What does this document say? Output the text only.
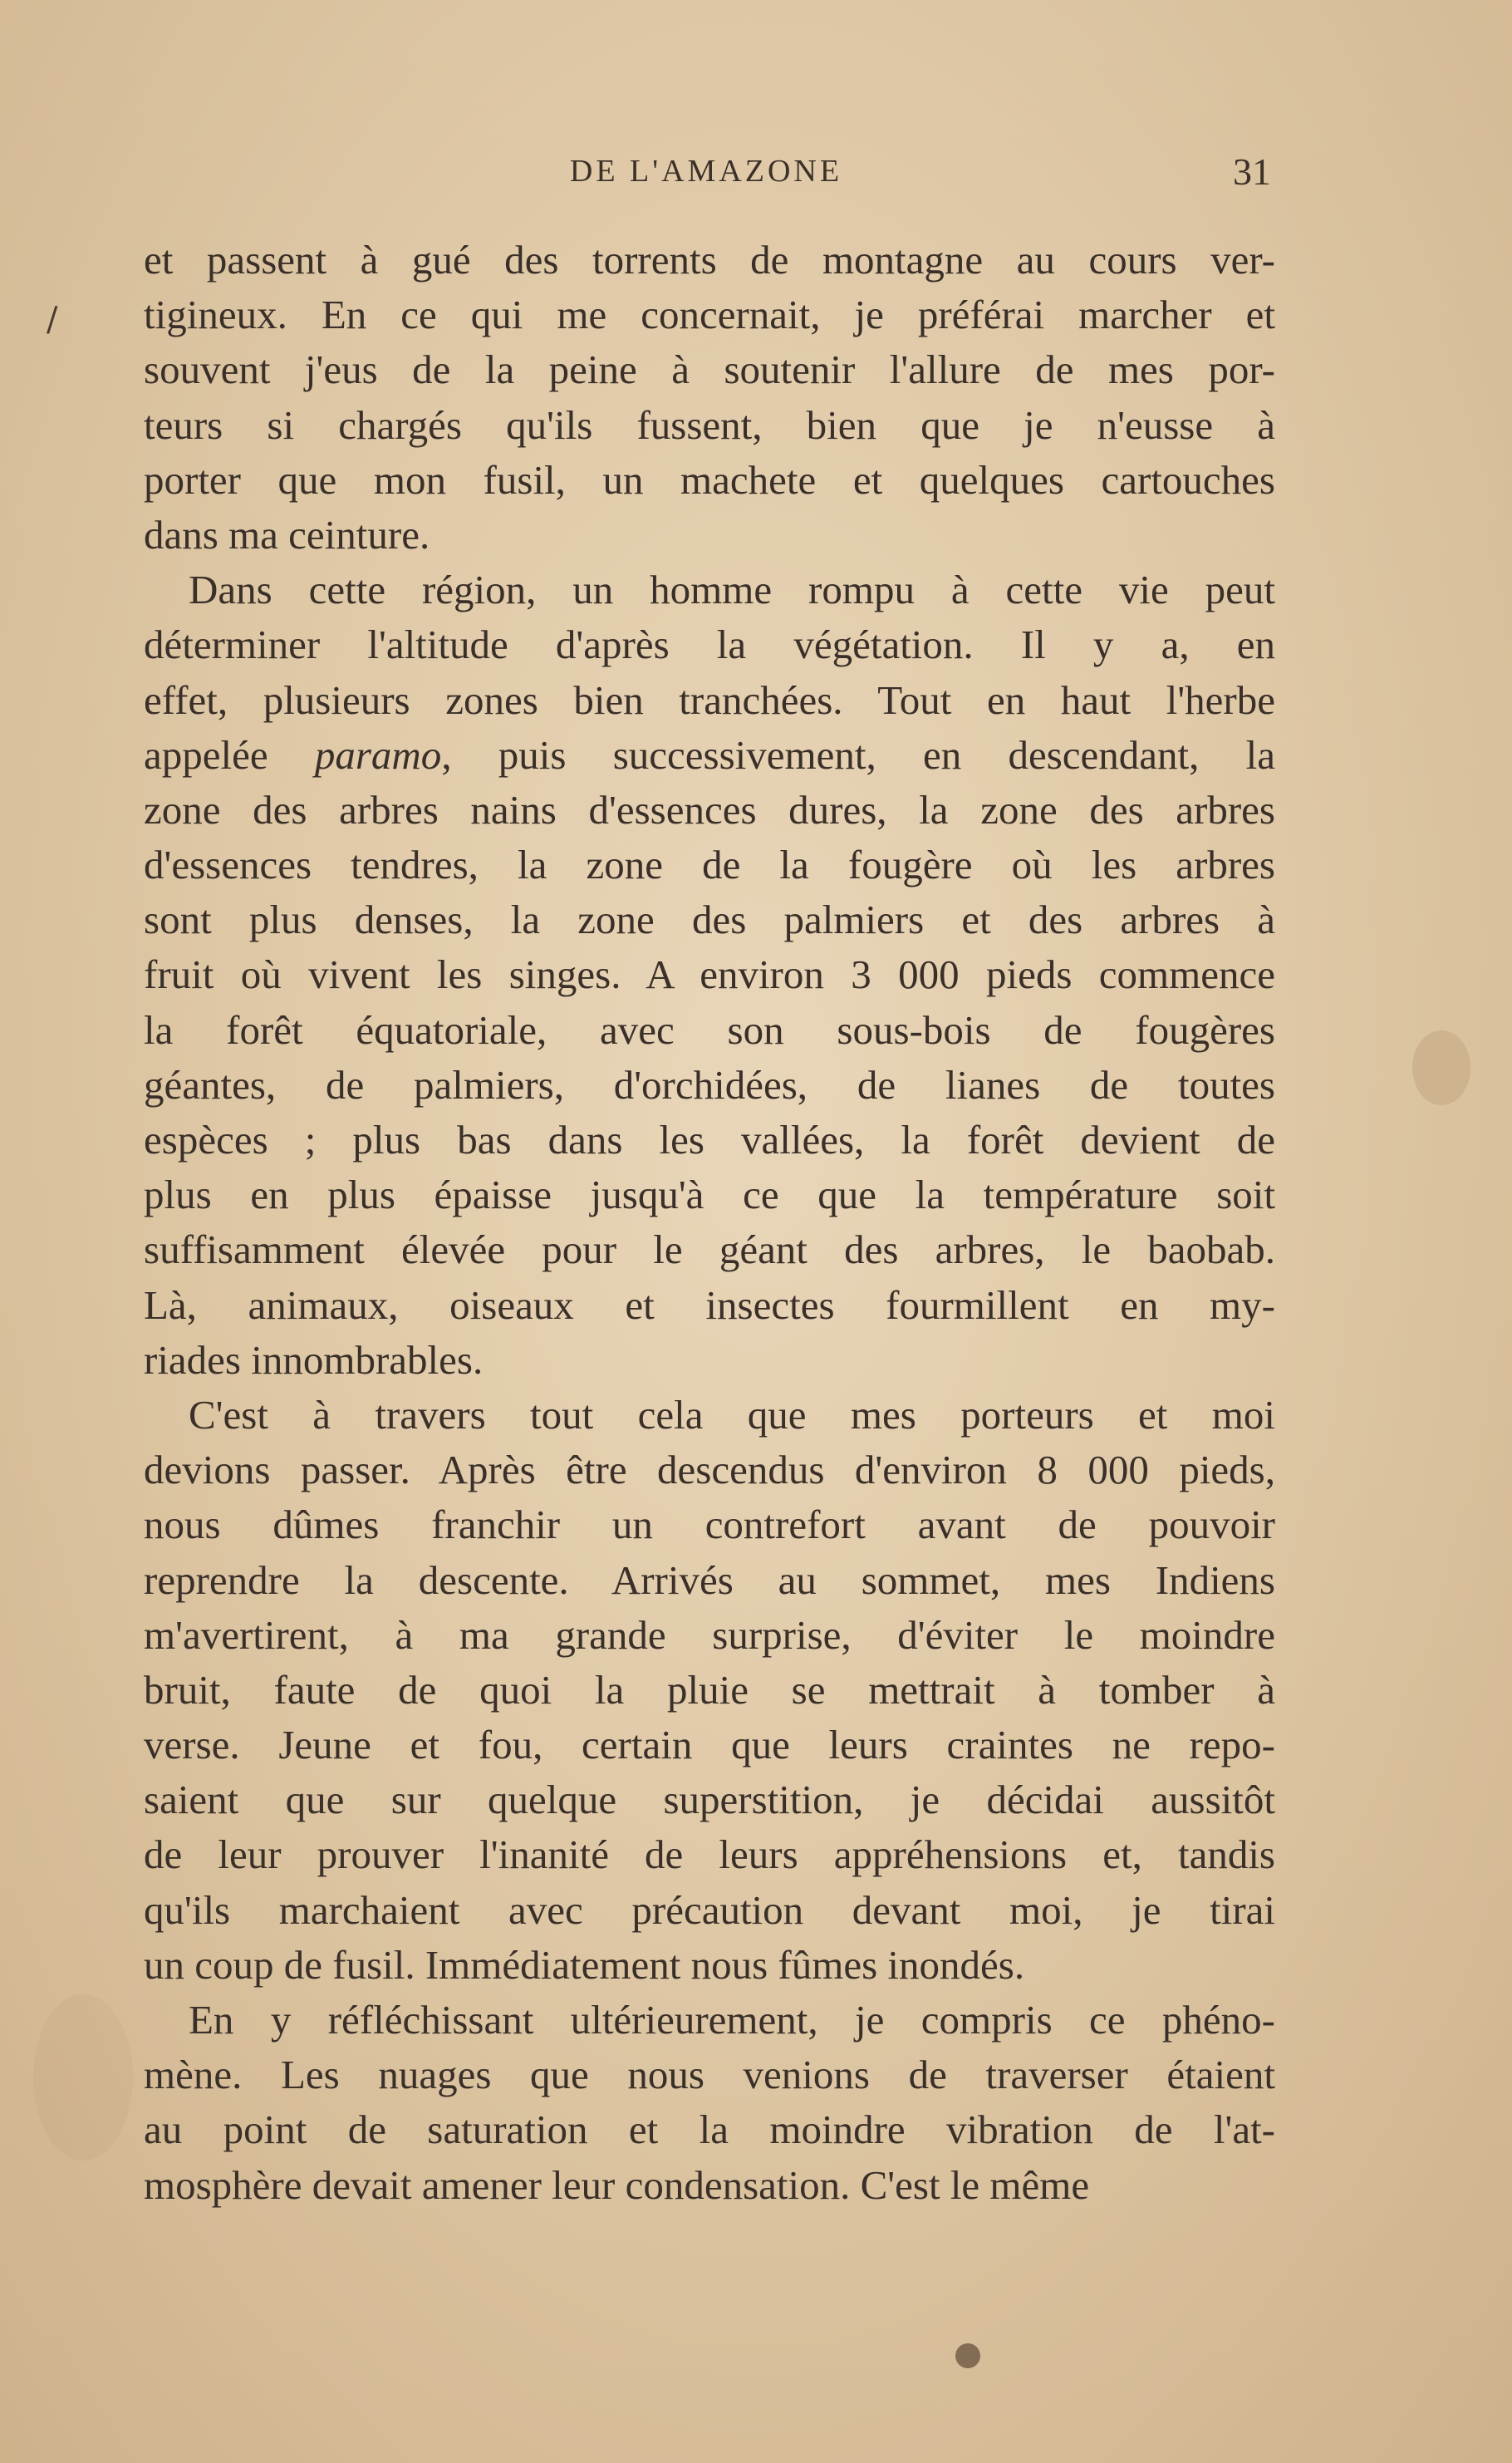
/
DE L'AMAZONE	31
et passent à gué des torrents de montagne au cours ver-
tigineux. En ce qui me concernait, je préférai marcher et
souvent j'eus de la peine à soutenir l'allure de mes por-
teurs si chargés qu'ils fussent, bien que je n'eusse à
porter que mon fusil, un machete et quelques cartouches
dans ma ceinture.
Dans cette région, un homme rompu à cette vie peut
déterminer l'altitude d'après la végétation. Il y a, en
effet, plusieurs zones bien tranchées. Tout en haut l'herbe
appelée paramo, puis successivement, en descendant, la
zone des arbres nains d'essences dures, la zone des arbres
d'essences tendres, la zone de la fougère où les arbres
sont plus denses, la zone des palmiers et des arbres à
fruit où vivent les singes. A environ 3 000 pieds commence
la forêt équatoriale, avec son sous-bois de fougères
géantes, de palmiers, d'orchidées, de lianes de toutes
espèces ; plus bas dans les vallées, la forêt devient de
plus en plus épaisse jusqu'à ce que la température soit
suffisamment élevée pour le géant des arbres, le baobab.
Là, animaux, oiseaux et insectes fourmillent en my-
riades innombrables.
C'est à travers tout cela que mes porteurs et moi
devions passer. Après être descendus d'environ 8 000 pieds,
nous dûmes franchir un contrefort avant de pouvoir
reprendre la descente. Arrivés au sommet, mes Indiens
m'avertirent, à ma grande surprise, d'éviter le moindre
bruit, faute de quoi la pluie se mettrait à tomber à
verse. Jeune et fou, certain que leurs craintes ne repo-
saient que sur quelque superstition, je décidai aussitôt
de leur prouver l'inanité de leurs appréhensions et, tandis
qu'ils marchaient avec précaution devant moi, je tirai
un coup de fusil. Immédiatement nous fûmes inondés.
En y réfléchissant ultérieurement, je compris ce phéno-
mène. Les nuages que nous venions de traverser étaient
au point de saturation et la moindre vibration de l'at-
mosphère devait amener leur condensation. C'est le même
